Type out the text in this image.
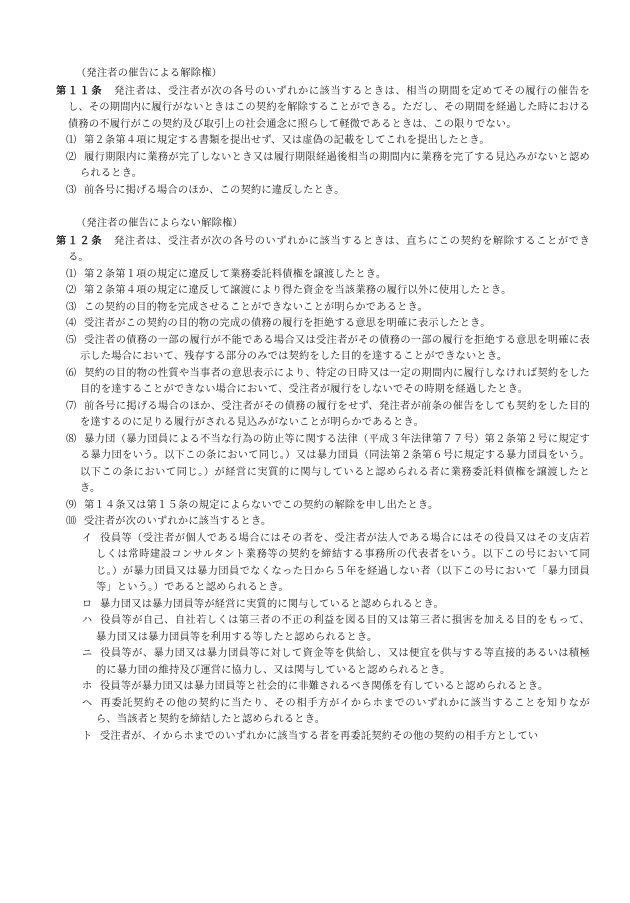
（発注者の催告による解除権）

第１１条　 発注者は、受注者が次の各号のいずれかに該当するときは、相当の期間を定めてその履行の催告をし、その期間内に履行がないときはこの契約を解除することができる。ただし、その期間を経過した時における債務の不履行がこの契約及び取引上の社会通念に照らして軽微であるときは、この限りでない。

⑴ 第２条第４項に規定する書類を提出せず、又は虚偽の記載をしてこれを提出したとき。

⑵ 履行期限内に業務が完了しないとき又は履行期限経過後相当の期間内に業務を完了する見込みがないと認められるとき。

⑶ 前各号に掲げる場合のほか、この契約に違反したとき。

（発注者の催告によらない解除権）

第１２条　 発注者は、受注者が次の各号のいずれかに該当するときは、直ちにこの契約を解除することができる。

⑴ 第２条第１項の規定に違反して業務委託料債権を譲渡したとき。

⑵ 第２条第４項の規定に違反して譲渡により得た資金を当該業務の履行以外に使用したとき。

⑶ この契約の目的物を完成させることができないことが明らかであるとき。

⑷ 受注者がこの契約の目的物の完成の債務の履行を拒絶する意思を明確に表示したとき。

⑸ 受注者の債務の一部の履行が不能である場合又は受注者がその債務の一部の履行を拒絶する意思を明確に表示した場合において、残存する部分のみでは契約をした目的を達することができないとき。

⑹ 契約の目的物の性質や当事者の意思表示により、特定の日時又は一定の期間内に履行しなければ契約をした目的を達することができない場合において、受注者が履行をしないでその時期を経過したとき。

⑺ 前各号に掲げる場合のほか、受注者がその債務の履行をせず、発注者が前条の催告をしても契約をした目的を達するのに足りる履行がされる見込みがないことが明らかであるとき。

⑻ 暴力団（暴力団員による不当な行為の防止等に関する法律（平成３年法律第７７号）第２条第２号に規定する暴力団をいう。以下この条において同じ。）又は暴力団員（同法第２条第６号に規定する暴力団員をいう。以下この条において同じ。）が経営に実質的に関与していると認められる者に業務委託料債権を譲渡したとき。

⑼ 第１４条又は第１５条の規定によらないでこの契約の解除を申し出たとき。

⑽ 受注者が次のいずれかに該当するとき。

イ 役員等（受注者が個人である場合にはその者を、受注者が法人である場合にはその役員又はその支店若しくは常時建設コンサルタント業務等の契約を締結する事務所の代表者をいう。以下この号において同じ。）が暴力団員又は暴力団員でなくなった日から５年を経過しない者（以下この号において「暴力団員等」という。）であると認められるとき。

ロ 暴力団又は暴力団員等が経営に実質的に関与していると認められるとき。

ハ 役員等が自己、自社若しくは第三者の不正の利益を図る目的又は第三者に損害を加える目的をもって、暴力団又は暴力団員等を利用する等したと認められるとき。

ニ 役員等が、暴力団又は暴力団員等に対して資金等を供給し、又は便宜を供与する等直接的あるいは積極的に暴力団の維持及び運営に協力し、又は関与していると認められるとき。

ホ 役員等が暴力団又は暴力団員等と社会的に非難されるべき関係を有していると認められるとき。

ヘ 再委託契約その他の契約に当たり、その相手方がイからホまでのいずれかに該当することを知りながら、当該者と契約を締結したと認められるとき。

ト 受注者が、イからホまでのいずれかに該当する者を再委託契約その他の契約の相手方としてい
